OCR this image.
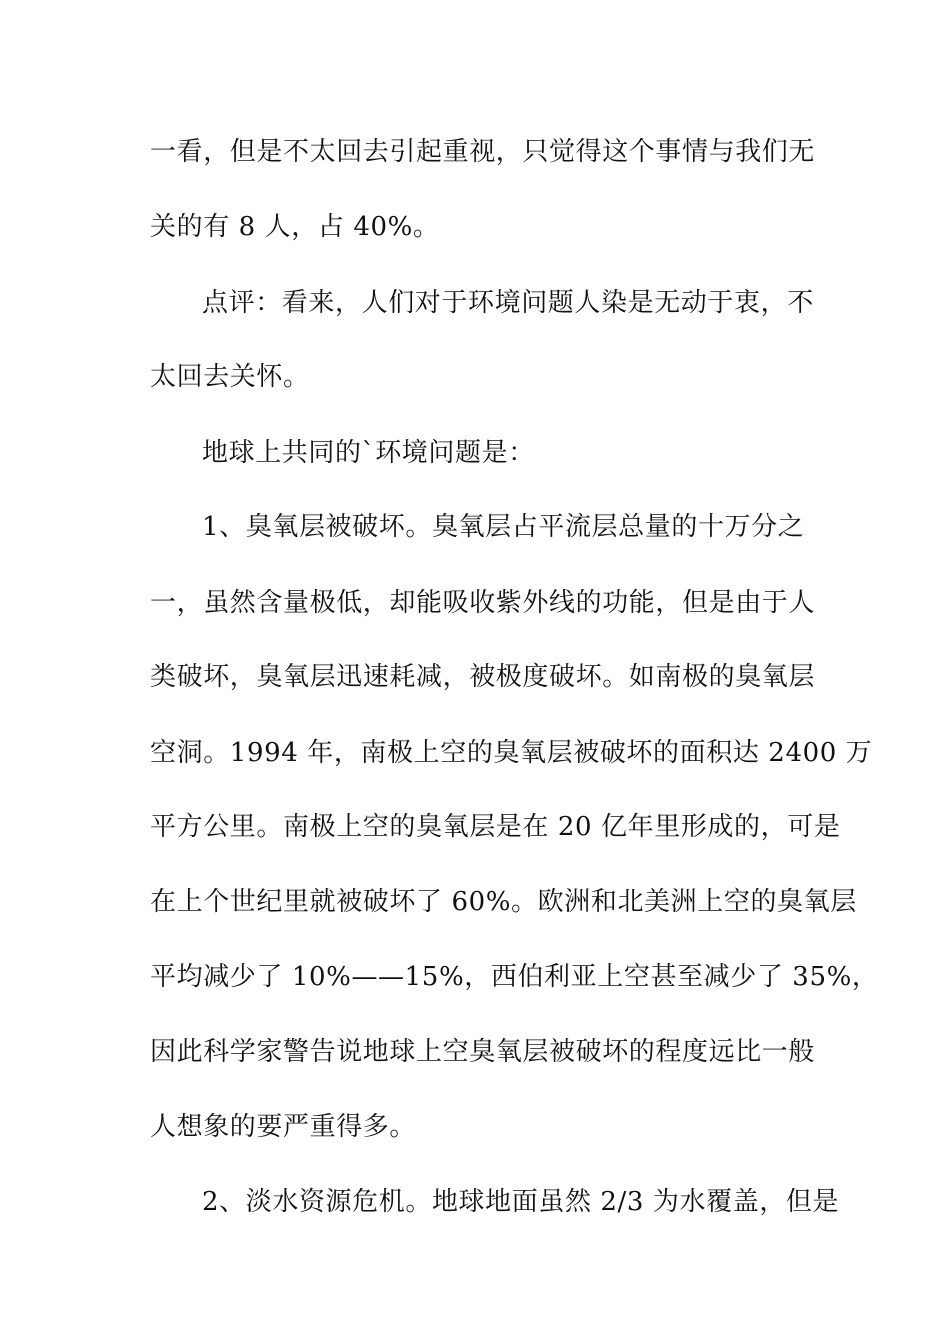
一看，但是不太回去引起重视，只觉得这个事情与我们无
关的有 8 人，占 40%。
点评：看来，人们对于环境问题人染是无动于衷，不
太回去关怀。
地球上共同的`环境问题是：
1、臭氧层被破坏。臭氧层占平流层总量的十万分之
一，虽然含量极低，却能吸收紫外线的功能，但是由于人
类破坏，臭氧层迅速耗减，被极度破坏。如南极的臭氧层
空洞。1994 年，南极上空的臭氧层被破坏的面积达 2400 万
平方公里。南极上空的臭氧层是在 20 亿年里形成的，可是
在上个世纪里就被破坏了 60%。欧洲和北美洲上空的臭氧层
平均减少了 10%——15%，西伯利亚上空甚至减少了 35%，
因此科学家警告说地球上空臭氧层被破坏的程度远比一般
人想象的要严重得多。
2、淡水资源危机。地球地面虽然 2/3 为水覆盖，但是
